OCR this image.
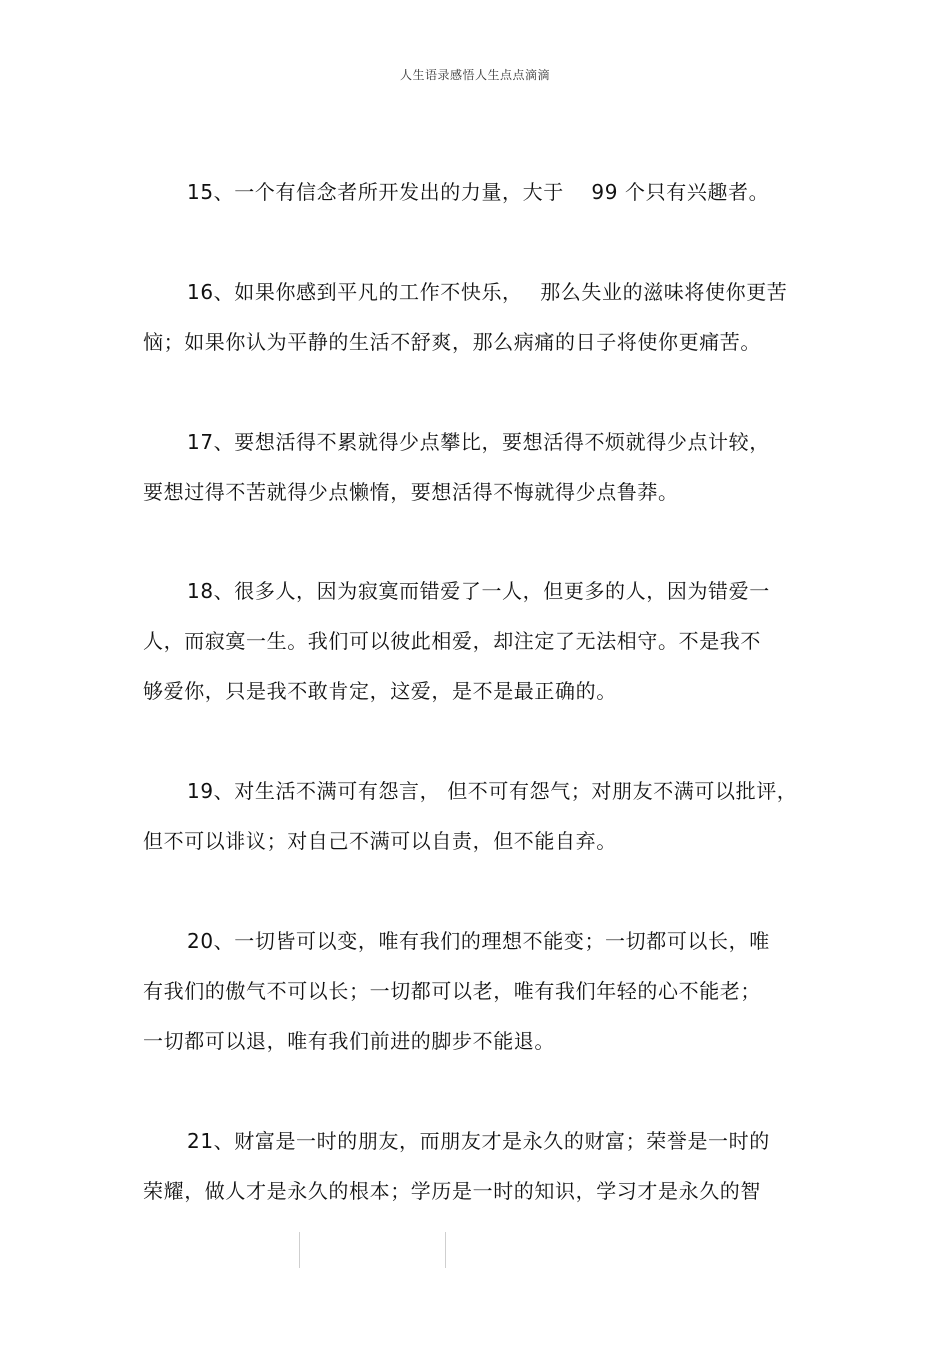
人生语录感悟人生点点滴滴
15、一个有信念者所开发出的力量，大于　 99 个只有兴趣者。
16、如果你感到平凡的工作不快乐，　 那么失业的滋味将使你更苦
恼；如果你认为平静的生活不舒爽，那么病痛的日子将使你更痛苦。
17、要想活得不累就得少点攀比，要想活得不烦就得少点计较，
要想过得不苦就得少点懒惰，要想活得不悔就得少点鲁莽。
18、很多人，因为寂寞而错爱了一人，但更多的人，因为错爱一
人，而寂寞一生。我们可以彼此相爱，却注定了无法相守。不是我不
够爱你，只是我不敢肯定，这爱，是不是最正确的。
19、对生活不满可有怨言， 但不可有怨气；对朋友不满可以批评，
但不可以诽议；对自己不满可以自责，但不能自弃。
20、一切皆可以变，唯有我们的理想不能变；一切都可以长，唯
有我们的傲气不可以长；一切都可以老，唯有我们年轻的心不能老；
一切都可以退，唯有我们前进的脚步不能退。
21、财富是一时的朋友，而朋友才是永久的财富；荣誉是一时的
荣耀，做人才是永久的根本；学历是一时的知识，学习才是永久的智
